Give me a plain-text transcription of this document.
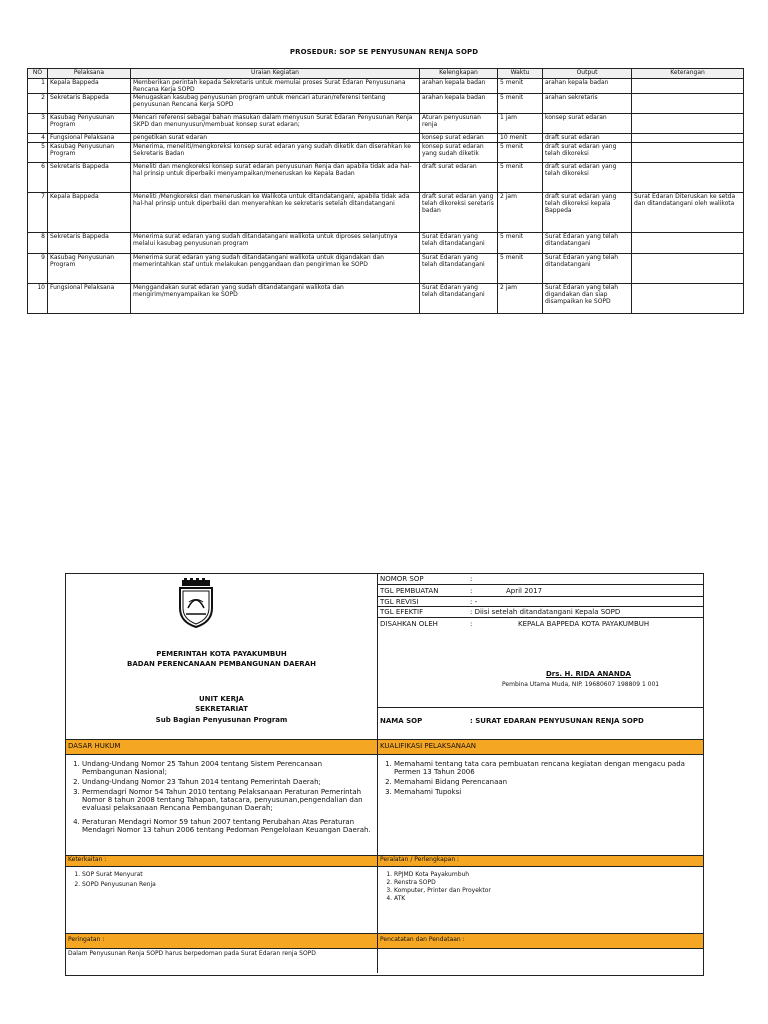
PROSEDUR: SOP SE PENYUSUNAN RENJA SOPD
NO	Pelaksana	Uraian Kegiatan	Kelengkapan	Waktu	Output	Keterangan
1	Kepala Bappeda	Memberikan perintah kepada Sekretaris untuk memulai proses Surat Edaran Penyusunana Rencana Kerja SOPD	arahan kepala badan	5 menit	arahan kepala badan	
2	Sekretaris Bappeda	Menugaskan kasubag penyusunan program untuk mencari aturan/referensi tentang penyusunan Rencana Kerja SOPD	arahan kepala badan	5 menit	arahan sekretaris	
3	Kasubag Penyusunan Program	Mencari referensi sebagai bahan masukan dalam menyusun Surat Edaran Penyusunan Renja SKPD dan menunyusun/membuat konsep surat edaran;	Aturan penyusunan renja	1 jam	konsep surat edaran	
4	Fungsional Pelaksana	pengetikan surat edaran	konsep surat edaran	10 menit	draft surat edaran	
5	Kasubag Penyusunan Program	Menerima, meneliti/mengkoreksi konsep surat edaran yang sudah diketik dan diserahkan ke Sekretaris Badan	konsep surat edaran yang sudah diketik	5 menit	draft surat edaran yang telah dikoreksi	
6	Sekretaris Bappeda	Meneliti dan mengkoreksi konsep surat edaran penyusunan Renja dan apabila tidak ada hal-hal prinsip untuk diperbaiki menyampaikan/meneruskan ke Kepala Badan	draft surat edaran	5 menit	draft surat edaran yang telah dikoreksi	
7	Kepala Bappeda	Meneliti /Mengkoreksi dan meneruskan ke Walikota untuk ditandatangani, apabila tidak ada hal-hal prinsip untuk diperbaiki dan menyerahkan ke sekretaris setelah ditandatangani	draft surat edaran yang telah dikoreksi seretaris badan	2 jam	draft surat edaran yang telah dikoreksi kepala Bappeda	Surat Edaran Diteruskan ke setda dan ditandatangani oleh walikota
8	Sekretaris Bappeda	Menerima surat edaran yang sudah ditandatangani walikota untuk diproses selanjutnya melalui kasubag penyusunan program	Surat Edaran yang telah ditandatangani	5 menit	Surat Edaran yang telah ditandatangani	
9	Kasubag Penyusunan Program	Menerima surat edaran yang sudah ditandatangani walikota untuk digandakan dan memerintahkan staf untuk melakukan penggandaan dan pengiriman ke SOPD	Surat Edaran yang telah ditandatangani	5 menit	Surat Edaran yang telah ditandatangani	
10	Fungsional Pelaksana	Menggandakan surat edaran yang sudah ditandatangani walikota dan mengirim/menyampaikan ke SOPD	Surat Edaran yang telah ditandatangani	2 jam	Surat Edaran yang telah digandakan dan siap disampaikan ke SOPD	
PEMERINTAH KOTA PAYAKUMBUH
BADAN PERENCANAAN PEMBANGUNAN DAERAH
UNIT KERJA
SEKRETARIAT
Sub Bagian Penyusunan Program
NOMOR SOP	:
TGL PEMBUATAN	:	April 2017
TGL REVISI	: -
TGL EFEKTIF	: Diisi setelah ditandatangani Kepala SOPD
DISAHKAN OLEH	:	KEPALA BAPPEDA KOTA PAYAKUMBUH
Drs. H. RIDA ANANDA
Pembina Utama Muda, NIP. 19680607 198809 1 001
NAMA SOP	: SURAT EDARAN PENYUSUNAN RENJA SOPD
DASAR HUKUM	KUALIFIKASI PELAKSANAAN
1. Undang-Undang Nomor 25 Tahun 2004 tentang Sistem Perencanaan Pembangunan Nasional;
2. Undang-Undang Nomor 23 Tahun 2014 tentang Pemerintah Daerah;
3. Permendagri Nomor 54 Tahun 2010 tentang Pelaksanaan Peraturan Pemerintah Nomor 8 tahun 2008 tentang Tahapan, tatacara, penyusunan,pengendalian dan evaluasi pelaksanaan Rencana Pembangunan Daerah;
4. Peraturan Mendagri Nomor 59 tahun 2007 tentang Perubahan Atas Peraturan Mendagri Nomor 13 tahun 2006 tentang Pedoman Pengelolaan Keuangan Daerah.
1. Memahami tentang tata cara pembuatan rencana kegiatan dengan mengacu pada Permen 13 Tahun 2006
2. Memahami Bidang Perencanaan
3. Memahami Tupoksi
Keterkaitan :	Peralatan / Perlengkapan :
1. SOP Surat Menyurat
2. SOPD Penyusunan Renja
1. RPJMD Kota Payakumbuh
2. Renstra SOPD
3. Komputer, Printer dan Proyektor
4. ATK
Peringatan :	Pencatatan dan Pendataan :
Dalam Penyusunan Renja SOPD harus berpedoman pada Surat Edaran renja SOPD
